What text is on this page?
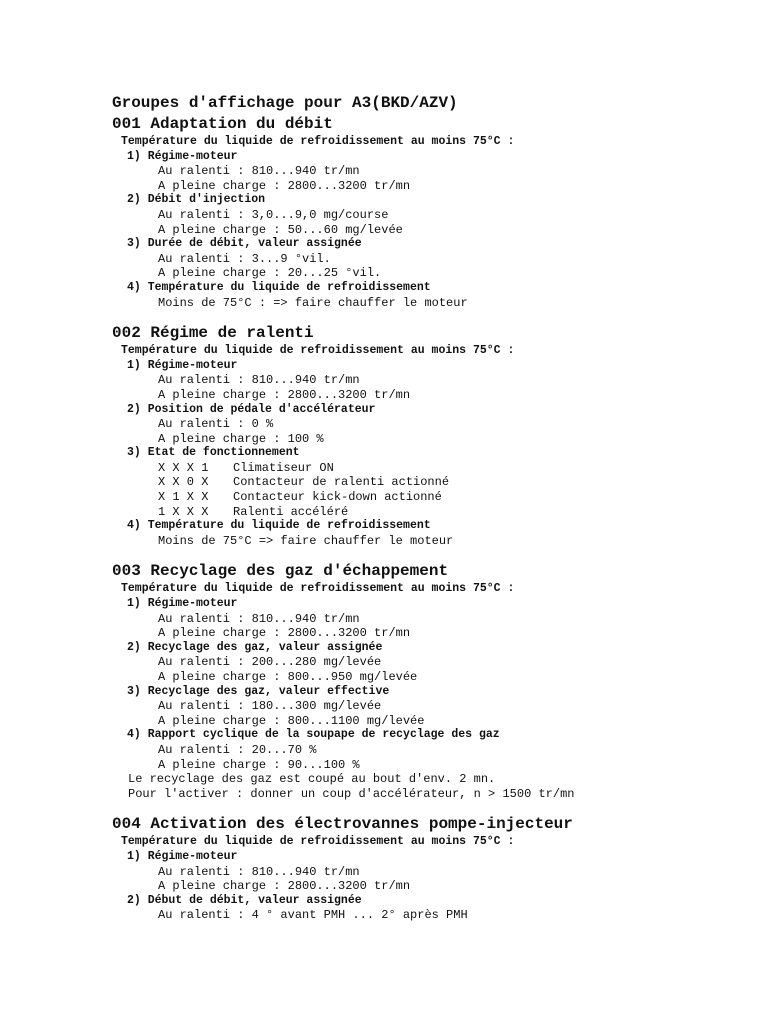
Groupes d'affichage pour A3(BKD/AZV)
001 Adaptation du débit
Température du liquide de refroidissement au moins 75°C :
1) Régime-moteur
Au ralenti : 810...940 tr/mn
A pleine charge : 2800...3200 tr/mn
2) Débit d'injection
Au ralenti : 3,0...9,0 mg/course
A pleine charge : 50...60 mg/levée
3) Durée de débit, valeur assignée
Au ralenti : 3...9 °vil.
A pleine charge : 20...25 °vil.
4) Température du liquide de refroidissement
Moins de 75°C : => faire chauffer le moteur
002 Régime de ralenti
Température du liquide de refroidissement au moins 75°C :
1) Régime-moteur
Au ralenti : 810...940 tr/mn
A pleine charge : 2800...3200 tr/mn
2) Position de pédale d'accélérateur
Au ralenti : 0 %
A pleine charge : 100 %
3) Etat de fonctionnement
X X X 1	Climatiseur ON
X X 0 X	Contacteur de ralenti actionné
X 1 X X	Contacteur kick-down actionné
1 X X X	Ralenti accéléré
4) Température du liquide de refroidissement
Moins de 75°C => faire chauffer le moteur
003 Recyclage des gaz d'échappement
Température du liquide de refroidissement au moins 75°C :
1) Régime-moteur
Au ralenti : 810...940 tr/mn
A pleine charge : 2800...3200 tr/mn
2) Recyclage des gaz, valeur assignée
Au ralenti : 200...280 mg/levée
A pleine charge : 800...950 mg/levée
3) Recyclage des gaz, valeur effective
Au ralenti : 180...300 mg/levée
A pleine charge : 800...1100 mg/levée
4) Rapport cyclique de la soupape de recyclage des gaz
Au ralenti : 20...70 %
A pleine charge : 90...100 %
Le recyclage des gaz est coupé au bout d'env. 2 mn.
Pour l'activer : donner un coup d'accélérateur, n > 1500 tr/mn
004 Activation des électrovannes pompe-injecteur
Température du liquide de refroidissement au moins 75°C :
1) Régime-moteur
Au ralenti : 810...940 tr/mn
A pleine charge : 2800...3200 tr/mn
2) Début de débit, valeur assignée
Au ralenti : 4 ° avant PMH ... 2° après PMH
